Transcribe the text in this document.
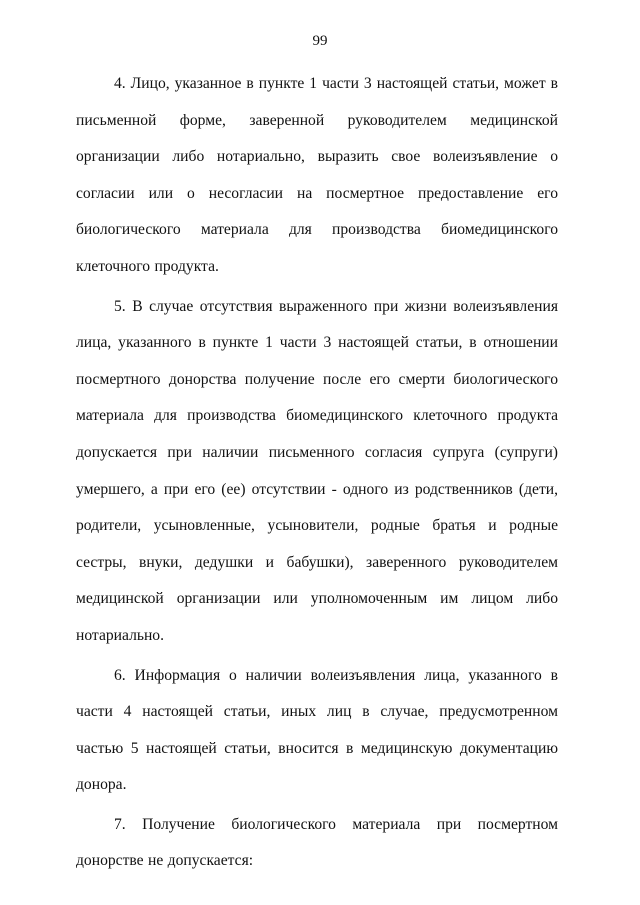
99

4. Лицо, указанное в пункте 1 части 3 настоящей статьи, может в письменной форме, заверенной руководителем медицинской организации либо нотариально, выразить свое волеизъявление о согласии или о несогласии на посмертное предоставление его биологического материала для производства биомедицинского клеточного продукта.

5. В случае отсутствия выраженного при жизни волеизъявления лица, указанного в пункте 1 части 3 настоящей статьи, в отношении посмертного донорства получение после его смерти биологического материала для производства биомедицинского клеточного продукта допускается при наличии письменного согласия супруга (супруги) умершего, а при его (ее) отсутствии - одного из родственников (дети, родители, усыновленные, усыновители, родные братья и родные сестры, внуки, дедушки и бабушки), заверенного руководителем медицинской организации или уполномоченным им лицом либо нотариально.

6. Информация о наличии волеизъявления лица, указанного в части 4 настоящей статьи, иных лиц в случае, предусмотренном частью 5 настоящей статьи, вносится в медицинскую документацию донора.

7. Получение биологического материала при посмертном донорстве не допускается:
